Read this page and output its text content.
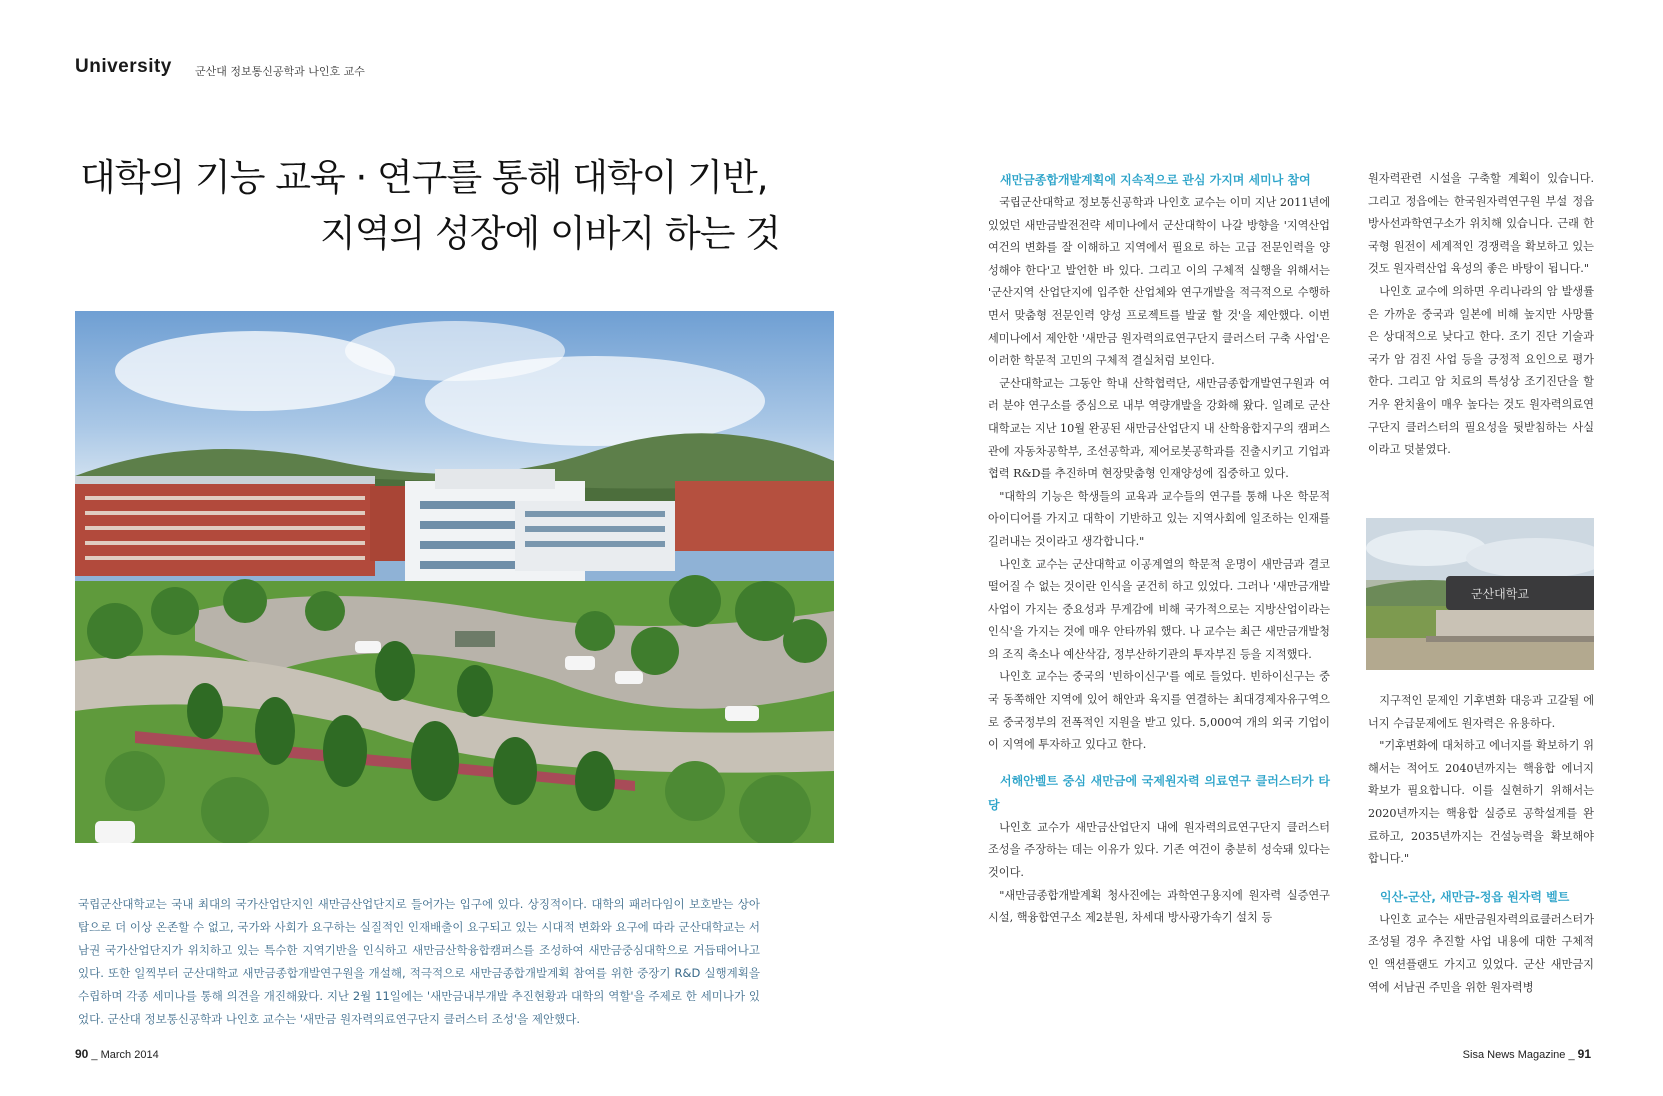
University 군산대 정보통신공학과 나인호 교수
대학의 기능 교육 · 연구를 통해 대학이 기반,
지역의 성장에 이바지 하는 것
국립군산대학교는 국내 최대의 국가산업단지인 새만금산업단지로 들어가는 입구에 있다. 상징적이다. 대학의 패러다임이 보호받는 상아탑으로 더 이상 온존할 수 없고, 국가와 사회가 요구하는 실질적인 인재배출이 요구되고 있는 시대적 변화와 요구에 따라 군산대학교는 서남권 국가산업단지가 위치하고 있는 특수한 지역기반을 인식하고 새만금산학융합캠퍼스를 조성하여 새만금중심대학으로 거듭태어나고 있다. 또한 일찍부터 군산대학교 새만금종합개발연구원을 개설해, 적극적으로 새만금종합개발계획 참여를 위한 중장기 R&D 실행계획을 수립하며 각종 세미나를 통해 의견을 개진해왔다. 지난 2월 11일에는 '새만금내부개발 추진현황과 대학의 역할'을 주제로 한 세미나가 있었다. 군산대 정보통신공학과 나인호 교수는 '새만금 원자력의료연구단지 클러스터 조성'을 제안했다.

새만금종합개발계획에 지속적으로 관심 가지며 세미나 참여

국립군산대학교 정보통신공학과 나인호 교수는 이미 지난 2011년에 있었던 새만금발전전략 세미나에서 군산대학이 나갈 방향을 '지역산업 여건의 변화를 잘 이해하고 지역에서 필요로 하는 고급 전문인력을 양성해야 한다'고 발언한 바 있다. 그리고 이의 구체적 실행을 위해서는 '군산지역 산업단지에 입주한 산업체와 연구개발을 적극적으로 수행하면서 맞춤형 전문인력 양성 프로젝트를 발굴 할 것'을 제안했다. 이번 세미나에서 제안한 '새만금 원자력의료연구단지 클러스터 구축 사업'은 이러한 학문적 고민의 구체적 결실처럼 보인다.

군산대학교는 그동안 학내 산학협력단, 새만금종합개발연구원과 여러 분야 연구소를 중심으로 내부 역량개발을 강화해 왔다. 일례로 군산대학교는 지난 10월 완공된 새만금산업단지 내 산학융합지구의 캠퍼스관에 자동차공학부, 조선공학과, 제어로봇공학과를 진출시키고 기업과 협력 R&D를 추진하며 현장맞춤형 인재양성에 집중하고 있다.

"대학의 기능은 학생들의 교육과 교수들의 연구를 통해 나온 학문적 아이디어를 가지고 대학이 기반하고 있는 지역사회에 일조하는 인재를 길러내는 것이라고 생각합니다."

나인호 교수는 군산대학교 이공계열의 학문적 운명이 새만금과 결코 떨어질 수 없는 것이란 인식을 굳건히 하고 있었다. 그러나 '새만금개발사업이 가지는 중요성과 무게감에 비해 국가적으로는 지방산업이라는 인식'을 가지는 것에 매우 안타까워 했다. 나 교수는 최근 새만금개발청의 조직 축소나 예산삭감, 정부산하기관의 투자부진 등을 지적했다.

나인호 교수는 중국의 '빈하이신구'를 예로 들었다. 빈하이신구는 중국 동쪽해안 지역에 있어 해안과 육지를 연결하는 최대경제자유구역으로 중국정부의 전폭적인 지원을 받고 있다. 5,000여 개의 외국 기업이 이 지역에 투자하고 있다고 한다.

서해안벨트 중심 새만금에 국제원자력 의료연구 클러스터가 타당

나인호 교수가 새만금산업단지 내에 원자력의료연구단지 클러스터 조성을 주장하는 데는 이유가 있다. 기존 여건이 충분히 성숙돼 있다는 것이다.

"새만금종합개발계획 청사진에는 과학연구용지에 원자력 실증연구시설, 핵융합연구소 제2분원, 차세대 방사광가속기 설치 등

원자력관련 시설을 구축할 계획이 있습니다. 그리고 정읍에는 한국원자력연구원 부설 정읍방사선과학연구소가 위치해 있습니다. 근래 한국형 원전이 세계적인 경쟁력을 확보하고 있는 것도 원자력산업 육성의 좋은 바탕이 됩니다."

나인호 교수에 의하면 우리나라의 암 발생률은 가까운 중국과 일본에 비해 높지만 사망률은 상대적으로 낮다고 한다. 조기 진단 기술과 국가 암 검진 사업 등을 긍정적 요인으로 평가한다. 그리고 암 치료의 특성상 조기진단을 할 거우 완치율이 매우 높다는 것도 원자력의료연구단지 클러스터의 필요성을 뒷받침하는 사실이라고 덧붙였다.

군산대학교

지구적인 문제인 기후변화 대응과 고갈될 에너지 수급문제에도 원자력은 유용하다.

"기후변화에 대처하고 에너지를 확보하기 위해서는 적어도 2040년까지는 핵융합 에너지 확보가 필요합니다. 이를 실현하기 위해서는 2020년까지는 핵융합 실증로 공학설계를 완료하고, 2035년까지는 건설능력을 확보해야 합니다."

익산-군산, 새만금-정읍 원자력 벨트

나인호 교수는 새만금원자력의료클러스터가 조성될 경우 추진할 사업 내용에 대한 구체적인 액션플랜도 가지고 있었다. 군산 새만금지역에 서남권 주민을 위한 원자력병

90 _ March 2014	Sisa News Magazine _ 91
